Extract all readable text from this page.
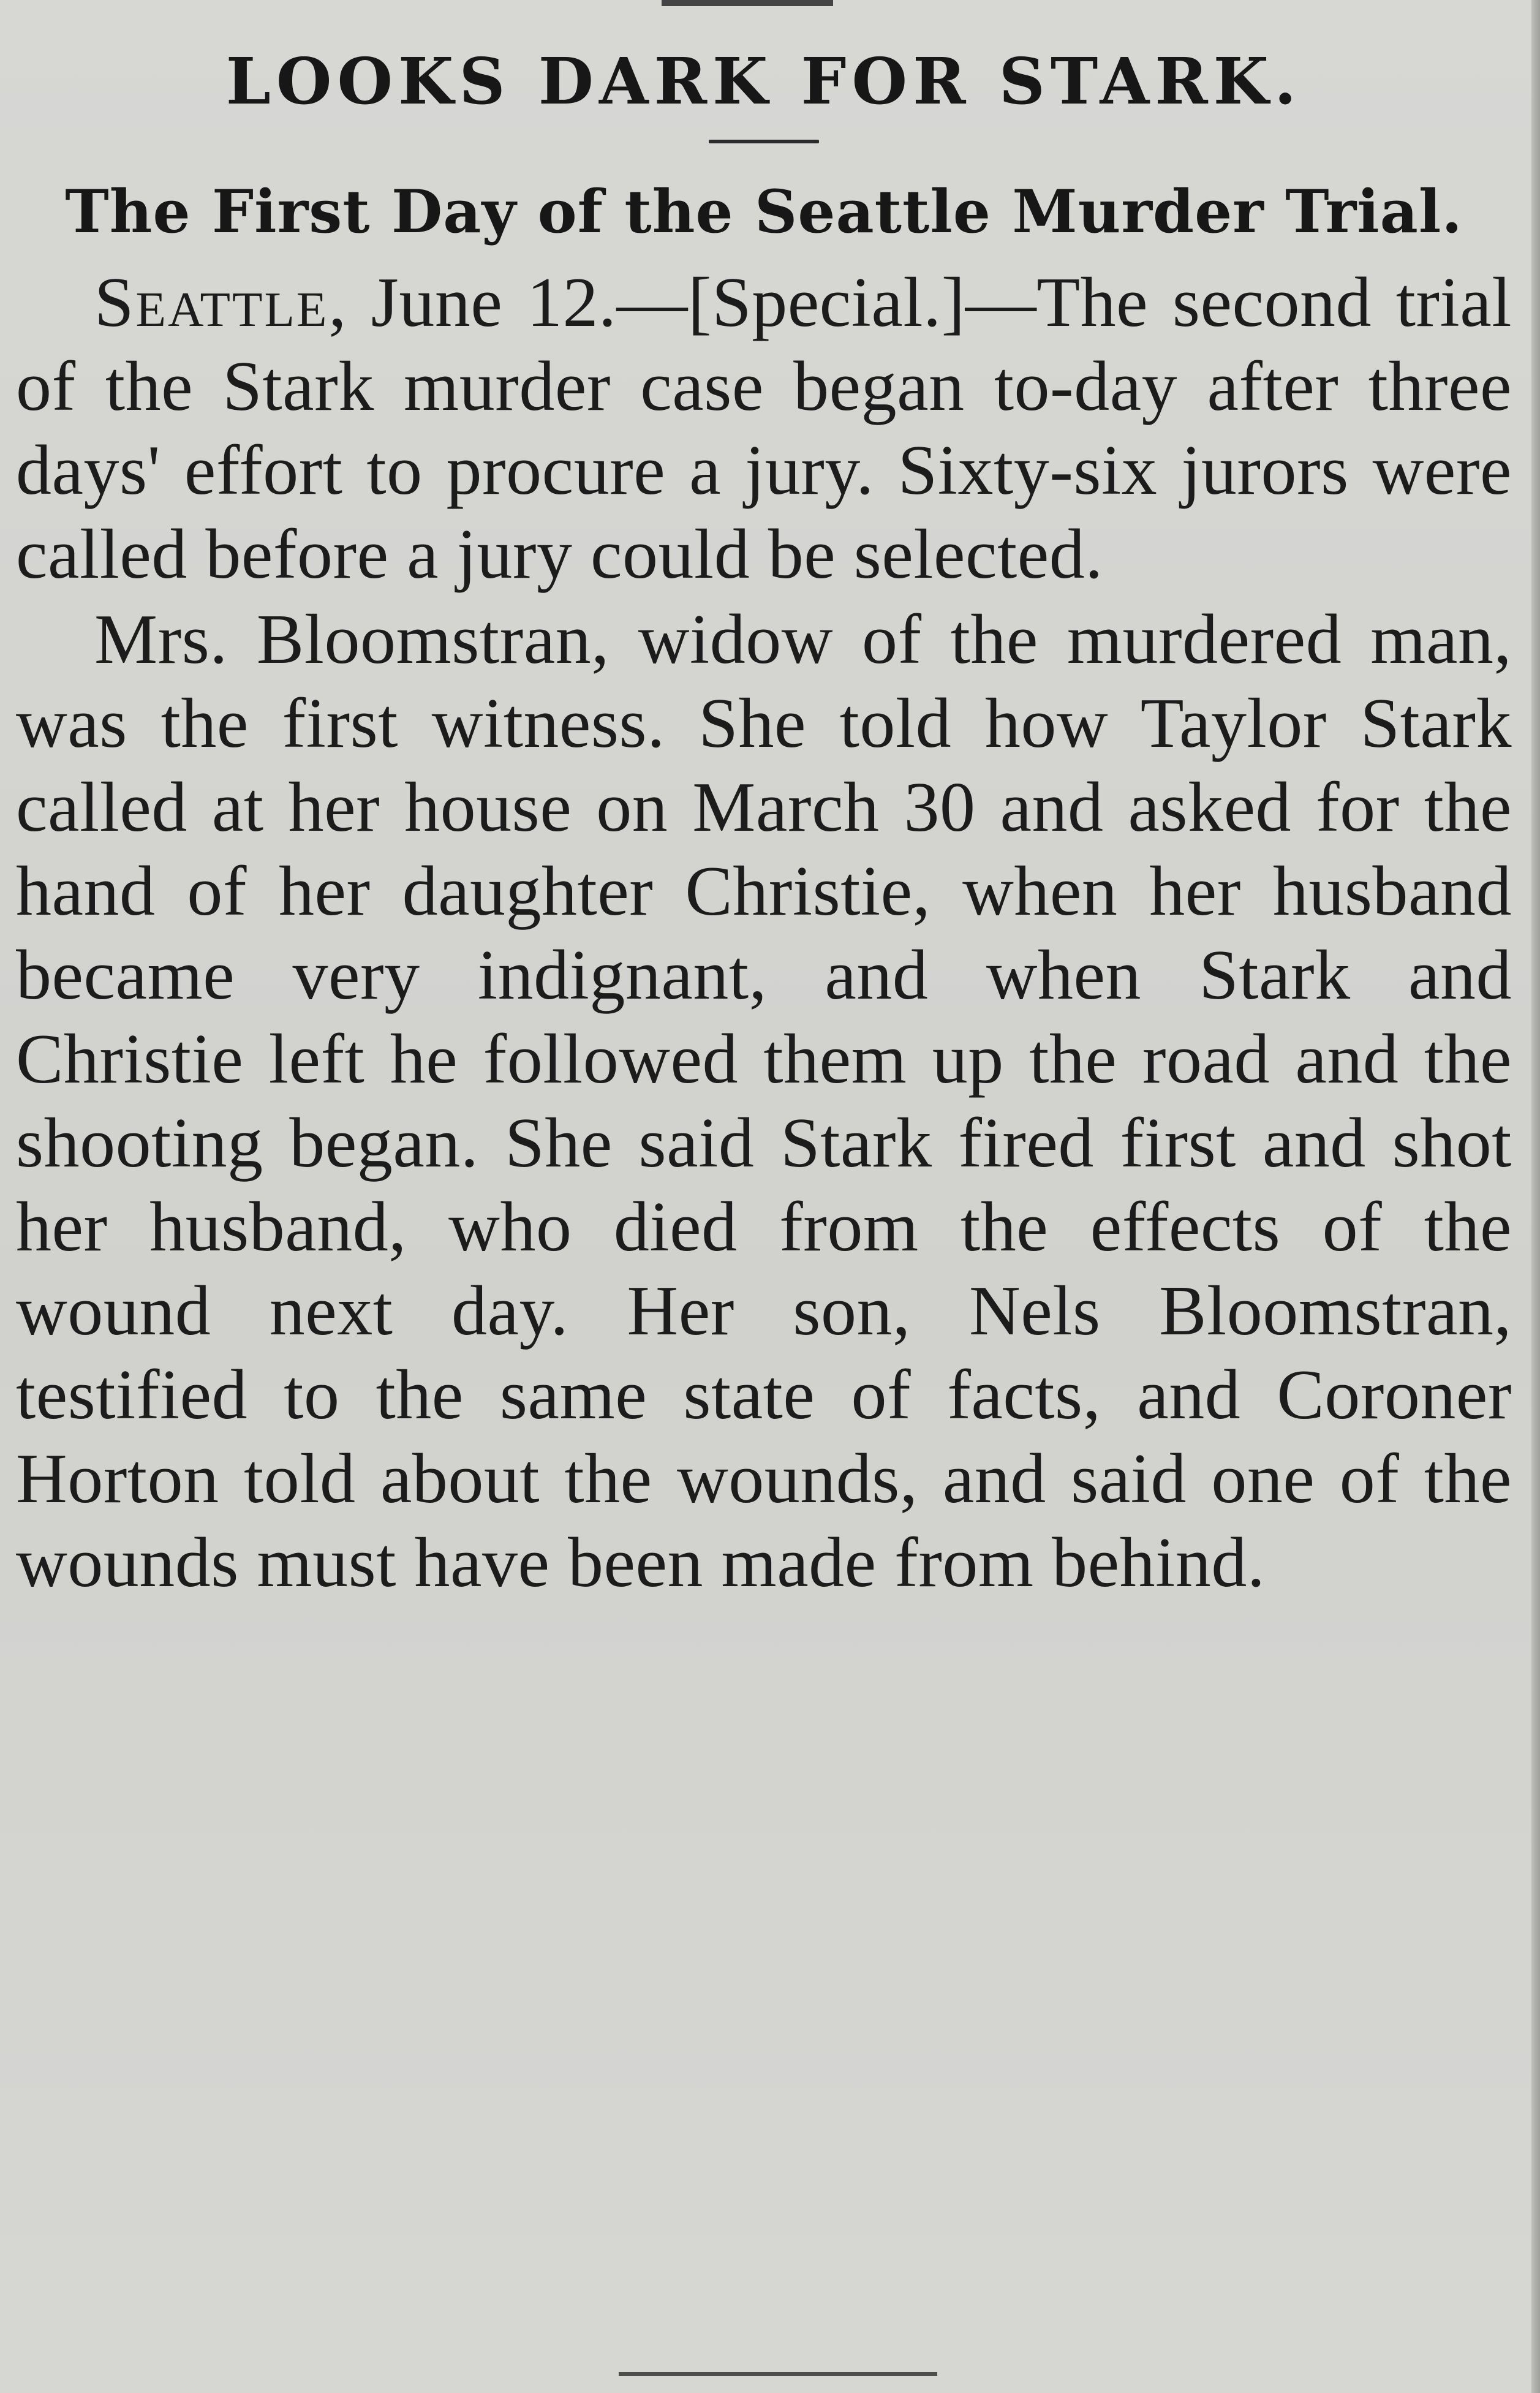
LOOKS DARK FOR STARK.
The First Day of the Seattle Murder Trial.

Seattle, June 12.—[Special.]—The second trial of the Stark murder case began to-day after three days' effort to procure a jury. Sixty-six jurors were called before a jury could be selected.

Mrs. Bloomstran, widow of the murdered man, was the first witness. She told how Taylor Stark called at her house on March 30 and asked for the hand of her daughter Christie, when her husband became very indignant, and when Stark and Christie left he followed them up the road and the shooting began. She said Stark fired first and shot her husband, who died from the effects of the wound next day. Her son, Nels Bloomstran, testified to the same state of facts, and Coroner Horton told about the wounds, and said one of the wounds must have been made from behind.
